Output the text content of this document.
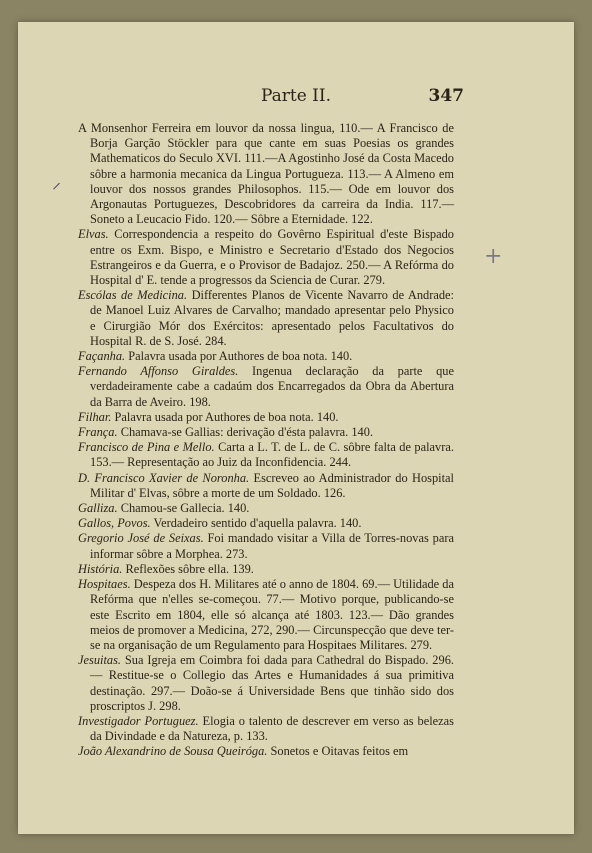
Parte II.	347
⸝
+

A Monsenhor Ferreira em louvor da nossa lingua, 110.— A Francisco de Borja Garção Stöckler para que cante em suas Poesias os grandes Mathematicos do Seculo XVI. 111.—A Agostinho José da Costa Macedo sôbre a harmonia mecanica da Lingua Portugueza. 113.— A Almeno em louvor dos nossos grandes Philosophos. 115.— Ode em louvor dos Argonautas Portuguezes, Descobridores da carreira da India. 117.— Soneto a Leucacio Fido. 120.— Sôbre a Eternidade. 122.

Elvas. Correspondencia a respeito do Govêrno Espiritual d'este Bispado entre os Exm. Bispo, e Ministro e Secretario d'Estado dos Negocios Estrangeiros e da Guerra, e o Provisor de Badajoz. 250.— A Refórma do Hospital d' E. tende a progressos da Sciencia de Curar. 279.

Escólas de Medicina. Differentes Planos de Vicente Navarro de Andrade: de Manoel Luiz Alvares de Carvalho; mandado apresentar pelo Physico e Cirurgião Mór dos Exércitos: apresentado pelos Facultativos do Hospital R. de S. José. 284.

Façanha. Palavra usada por Authores de boa nota. 140.

Fernando Affonso Giraldes. Ingenua declaração da parte que verdadeiramente cabe a cadaúm dos Encarregados da Obra da Abertura da Barra de Aveiro. 198.

Filhar. Palavra usada por Authores de boa nota. 140.

França. Chamava-se Gallias: derivação d'ésta palavra. 140.

Francisco de Pina e Mello. Carta a L. T. de L. de C. sôbre falta de palavra. 153.— Representação ao Juiz da Inconfidencia. 244.

D. Francisco Xavier de Noronha. Escreveo ao Administrador do Hospital Militar d' Elvas, sôbre a morte de um Soldado. 126.

Galliza. Chamou-se Gallecia. 140.

Gallos, Povos. Verdadeiro sentido d'aquella palavra. 140.

Gregorio José de Seixas. Foi mandado visitar a Villa de Torres-novas para informar sôbre a Morphea. 273.

História. Reflexões sôbre ella. 139.

Hospitaes. Despeza dos H. Militares até o anno de 1804. 69.— Utilidade da Refórma que n'elles se-começou. 77.— Motivo porque, publicando-se este Escrito em 1804, elle só alcança até 1803. 123.— Dão grandes meios de promover a Medicina, 272, 290.— Circunspecção que deve ter-se na organisação de um Regulamento para Hospitaes Militares. 279.

Jesuitas. Sua Igreja em Coimbra foi dada para Cathedral do Bispado. 296.— Restitue-se o Collegio das Artes e Humanidades á sua primitiva destinação. 297.— Doão-se á Universidade Bens que tinhão sido dos proscriptos J. 298.

Investigador Portuguez. Elogia o talento de descrever em verso as belezas da Divindade e da Natureza, p. 133.

João Alexandrino de Sousa Queiróga. Sonetos e Oitavas feitos em
